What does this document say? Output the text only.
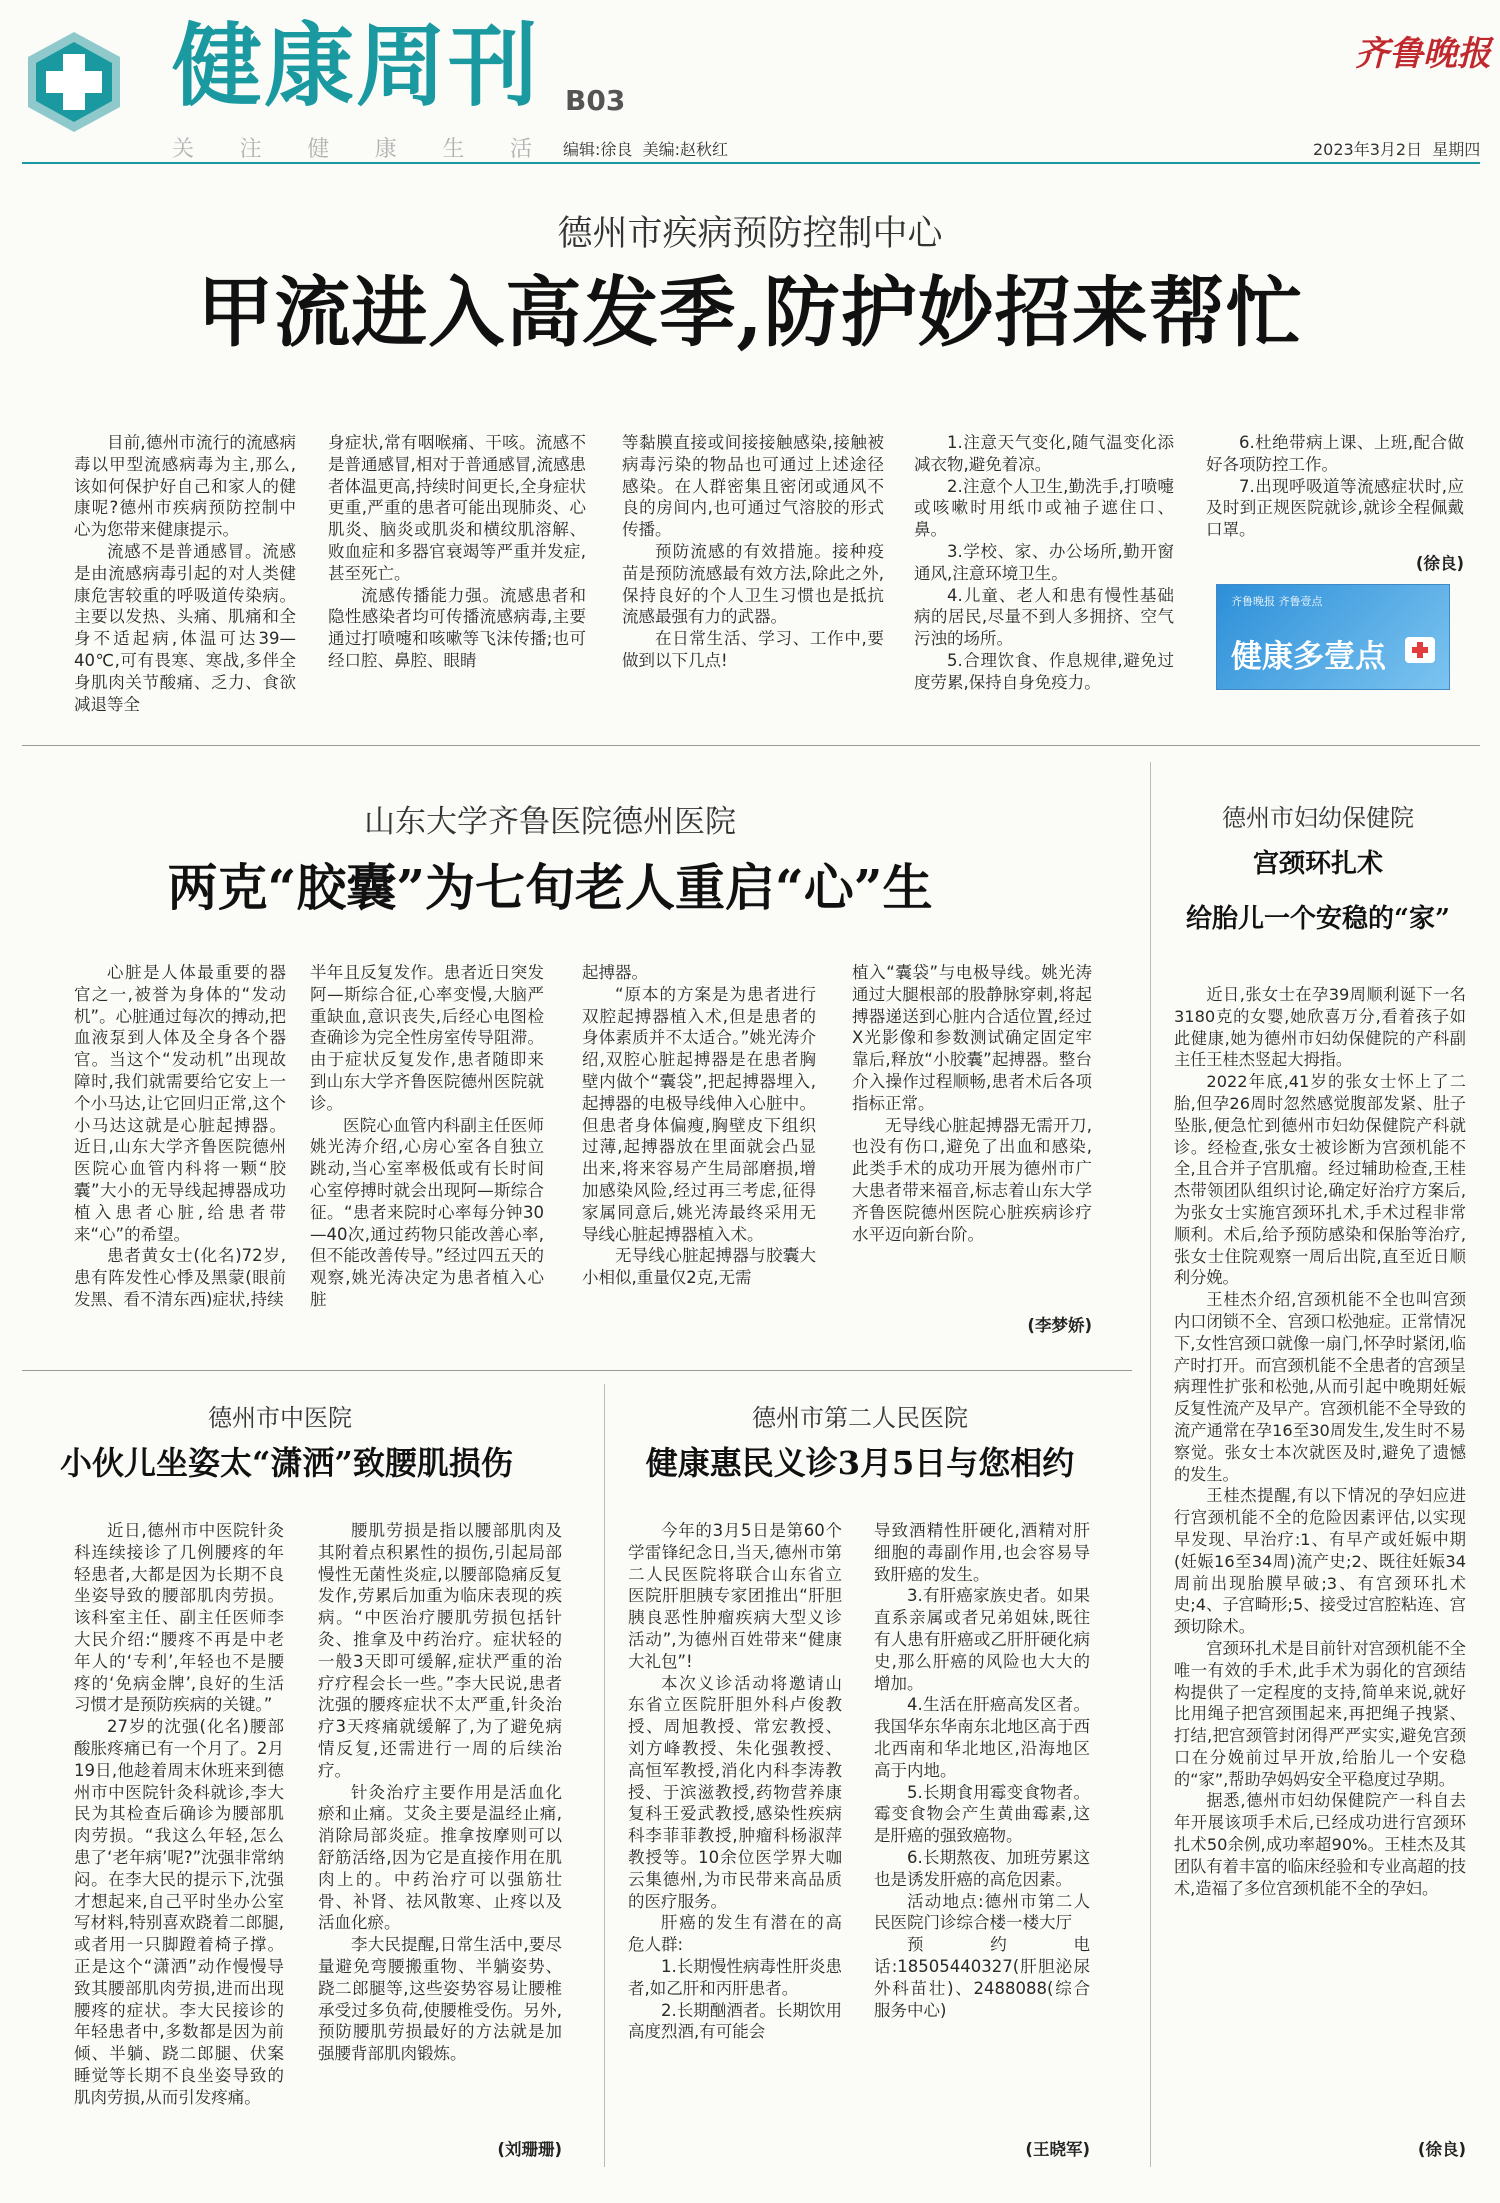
健康周刊 B03
关 注 健 康 生 活 编辑:徐良  美编:赵秋红
齐鲁晚报
2023年3月2日 星期四
德州市疾病预防控制中心
甲流进入高发季,防护妙招来帮忙

目前,德州市流行的流感病毒以甲型流感病毒为主,那么,该如何保护好自己和家人的健康呢?德州市疾病预防控制中心为您带来健康提示。

流感不是普通感冒。流感是由流感病毒引起的对人类健康危害较重的呼吸道传染病。主要以发热、头痛、肌痛和全身不适起病,体温可达39—40℃,可有畏寒、寒战,多伴全身肌肉关节酸痛、乏力、食欲减退等全

身症状,常有咽喉痛、干咳。流感不是普通感冒,相对于普通感冒,流感患者体温更高,持续时间更长,全身症状更重,严重的患者可能出现肺炎、心肌炎、脑炎或肌炎和横纹肌溶解、败血症和多器官衰竭等严重并发症,甚至死亡。

流感传播能力强。流感患者和隐性感染者均可传播流感病毒,主要通过打喷嚏和咳嗽等飞沫传播;也可经口腔、鼻腔、眼睛

等黏膜直接或间接接触感染,接触被病毒污染的物品也可通过上述途径感染。在人群密集且密闭或通风不良的房间内,也可通过气溶胶的形式传播。

预防流感的有效措施。接种疫苗是预防流感最有效方法,除此之外,保持良好的个人卫生习惯也是抵抗流感最强有力的武器。

在日常生活、学习、工作中,要做到以下几点!

1.注意天气变化,随气温变化添减衣物,避免着凉。

2.注意个人卫生,勤洗手,打喷嚏或咳嗽时用纸巾或袖子遮住口、鼻。

3.学校、家、办公场所,勤开窗通风,注意环境卫生。

4.儿童、老人和患有慢性基础病的居民,尽量不到人多拥挤、空气污浊的场所。

5.合理饮食、作息规律,避免过度劳累,保持自身免疫力。

6.杜绝带病上课、上班,配合做好各项防控工作。

7.出现呼吸道等流感症状时,应及时到正规医院就诊,就诊全程佩戴口罩。

(徐良)
齐鲁晚报 齐鲁壹点
健康多壹点
山东大学齐鲁医院德州医院
两克“胶囊”为七旬老人重启“心”生

心脏是人体最重要的器官之一,被誉为身体的“发动机”。心脏通过每次的搏动,把血液泵到人体及全身各个器官。当这个“发动机”出现故障时,我们就需要给它安上一个小马达,让它回归正常,这个小马达这就是心脏起搏器。近日,山东大学齐鲁医院德州医院心血管内科将一颗“胶囊”大小的无导线起搏器成功植入患者心脏,给患者带来“心”的希望。

患者黄女士(化名)72岁,患有阵发性心悸及黑蒙(眼前发黑、看不清东西)症状,持续

半年且反复发作。患者近日突发阿—斯综合征,心率变慢,大脑严重缺血,意识丧失,后经心电图检查确诊为完全性房室传导阻滞。由于症状反复发作,患者随即来到山东大学齐鲁医院德州医院就诊。

医院心血管内科副主任医师姚光涛介绍,心房心室各自独立跳动,当心室率极低或有长时间心室停搏时就会出现阿—斯综合征。“患者来院时心率每分钟30—40次,通过药物只能改善心率,但不能改善传导。”经过四五天的观察,姚光涛决定为患者植入心脏

起搏器。

“原本的方案是为患者进行双腔起搏器植入术,但是患者的身体素质并不太适合。”姚光涛介绍,双腔心脏起搏器是在患者胸壁内做个“囊袋”,把起搏器埋入,起搏器的电极导线伸入心脏中。但患者身体偏瘦,胸壁皮下组织过薄,起搏器放在里面就会凸显出来,将来容易产生局部磨损,增加感染风险,经过再三考虑,征得家属同意后,姚光涛最终采用无导线心脏起搏器植入术。

无导线心脏起搏器与胶囊大小相似,重量仅2克,无需

植入“囊袋”与电极导线。姚光涛通过大腿根部的股静脉穿刺,将起搏器递送到心脏内合适位置,经过X光影像和参数测试确定固定牢靠后,释放“小胶囊”起搏器。整台介入操作过程顺畅,患者术后各项指标正常。

无导线心脏起搏器无需开刀,也没有伤口,避免了出血和感染,此类手术的成功开展为德州市广大患者带来福音,标志着山东大学齐鲁医院德州医院心脏疾病诊疗水平迈向新台阶。

(李梦娇)
德州市中医院
小伙儿坐姿太“潇洒”致腰肌损伤

近日,德州市中医院针灸科连续接诊了几例腰疼的年轻患者,大都是因为长期不良坐姿导致的腰部肌肉劳损。该科室主任、副主任医师李大民介绍:“腰疼不再是中老年人的‘专利’,年轻也不是腰疼的‘免病金牌’,良好的生活习惯才是预防疾病的关键。”

27岁的沈强(化名)腰部酸胀疼痛已有一个月了。2月19日,他趁着周末休班来到德州市中医院针灸科就诊,李大民为其检查后确诊为腰部肌肉劳损。“我这么年轻,怎么患了‘老年病’呢?”沈强非常纳闷。在李大民的提示下,沈强才想起来,自己平时坐办公室写材料,特别喜欢跷着二郎腿,或者用一只脚蹬着椅子撑。正是这个“潇洒”动作慢慢导致其腰部肌肉劳损,进而出现腰疼的症状。李大民接诊的年轻患者中,多数都是因为前倾、半躺、跷二郎腿、伏案睡觉等长期不良坐姿导致的肌肉劳损,从而引发疼痛。

腰肌劳损是指以腰部肌肉及其附着点积累性的损伤,引起局部慢性无菌性炎症,以腰部隐痛反复发作,劳累后加重为临床表现的疾病。“中医治疗腰肌劳损包括针灸、推拿及中药治疗。症状轻的一般3天即可缓解,症状严重的治疗疗程会长一些。”李大民说,患者沈强的腰疼症状不太严重,针灸治疗3天疼痛就缓解了,为了避免病情反复,还需进行一周的后续治疗。

针灸治疗主要作用是活血化瘀和止痛。艾灸主要是温经止痛,消除局部炎症。推拿按摩则可以舒筋活络,因为它是直接作用在肌肉上的。中药治疗可以强筋壮骨、补肾、祛风散寒、止疼以及活血化瘀。

李大民提醒,日常生活中,要尽量避免弯腰搬重物、半躺姿势、跷二郎腿等,这些姿势容易让腰椎承受过多负荷,使腰椎受伤。另外,预防腰肌劳损最好的方法就是加强腰背部肌肉锻炼。

(刘珊珊)
德州市第二人民医院
健康惠民义诊3月5日与您相约

今年的3月5日是第60个学雷锋纪念日,当天,德州市第二人民医院将联合山东省立医院肝胆胰专家团推出“肝胆胰良恶性肿瘤疾病大型义诊活动”,为德州百姓带来“健康大礼包”!

本次义诊活动将邀请山东省立医院肝胆外科卢俊教授、周旭教授、常宏教授、刘方峰教授、朱化强教授、高恒军教授,消化内科李涛教授、于滨滋教授,药物营养康复科王爱武教授,感染性疾病科李菲菲教授,肿瘤科杨淑萍教授等。10余位医学界大咖云集德州,为市民带来高品质的医疗服务。

肝癌的发生有潜在的高危人群:

1.长期慢性病毒性肝炎患者,如乙肝和丙肝患者。

2.长期酗酒者。长期饮用高度烈酒,有可能会

导致酒精性肝硬化,酒精对肝细胞的毒副作用,也会容易导致肝癌的发生。

3.有肝癌家族史者。如果直系亲属或者兄弟姐妹,既往有人患有肝癌或乙肝肝硬化病史,那么肝癌的风险也大大的增加。

4.生活在肝癌高发区者。我国华东华南东北地区高于西北西南和华北地区,沿海地区高于内地。

5.长期食用霉变食物者。霉变食物会产生黄曲霉素,这是肝癌的强致癌物。

6.长期熬夜、加班劳累这也是诱发肝癌的高危因素。

活动地点:德州市第二人民医院门诊综合楼一楼大厅

预约电话:18505440327(肝胆泌尿外科苗壮)、2488088(综合服务中心)

(王晓军)
德州市妇幼保健院
宫颈环扎术
给胎儿一个安稳的“家”

近日,张女士在孕39周顺利诞下一名3180克的女婴,她欣喜万分,看着孩子如此健康,她为德州市妇幼保健院的产科副主任王桂杰竖起大拇指。

2022年底,41岁的张女士怀上了二胎,但孕26周时忽然感觉腹部发紧、肚子坠胀,便急忙到德州市妇幼保健院产科就诊。经检查,张女士被诊断为宫颈机能不全,且合并子宫肌瘤。经过辅助检查,王桂杰带领团队组织讨论,确定好治疗方案后,为张女士实施宫颈环扎术,手术过程非常顺利。术后,给予预防感染和保胎等治疗,张女士住院观察一周后出院,直至近日顺利分娩。

王桂杰介绍,宫颈机能不全也叫宫颈内口闭锁不全、宫颈口松弛症。正常情况下,女性宫颈口就像一扇门,怀孕时紧闭,临产时打开。而宫颈机能不全患者的宫颈呈病理性扩张和松弛,从而引起中晚期妊娠反复性流产及早产。宫颈机能不全导致的流产通常在孕16至30周发生,发生时不易察觉。张女士本次就医及时,避免了遗憾的发生。

王桂杰提醒,有以下情况的孕妇应进行宫颈机能不全的危险因素评估,以实现早发现、早治疗:1、有早产或妊娠中期(妊娠16至34周)流产史;2、既往妊娠34周前出现胎膜早破;3、有宫颈环扎术史;4、子宫畸形;5、接受过宫腔粘连、宫颈切除术。

宫颈环扎术是目前针对宫颈机能不全唯一有效的手术,此手术为弱化的宫颈结构提供了一定程度的支持,简单来说,就好比用绳子把宫颈围起来,再把绳子拽紧、打结,把宫颈管封闭得严严实实,避免宫颈口在分娩前过早开放,给胎儿一个安稳的“家”,帮助孕妈妈安全平稳度过孕期。

据悉,德州市妇幼保健院产一科自去年开展该项手术后,已经成功进行宫颈环扎术50余例,成功率超90%。王桂杰及其团队有着丰富的临床经验和专业高超的技术,造福了多位宫颈机能不全的孕妇。

(徐良)
